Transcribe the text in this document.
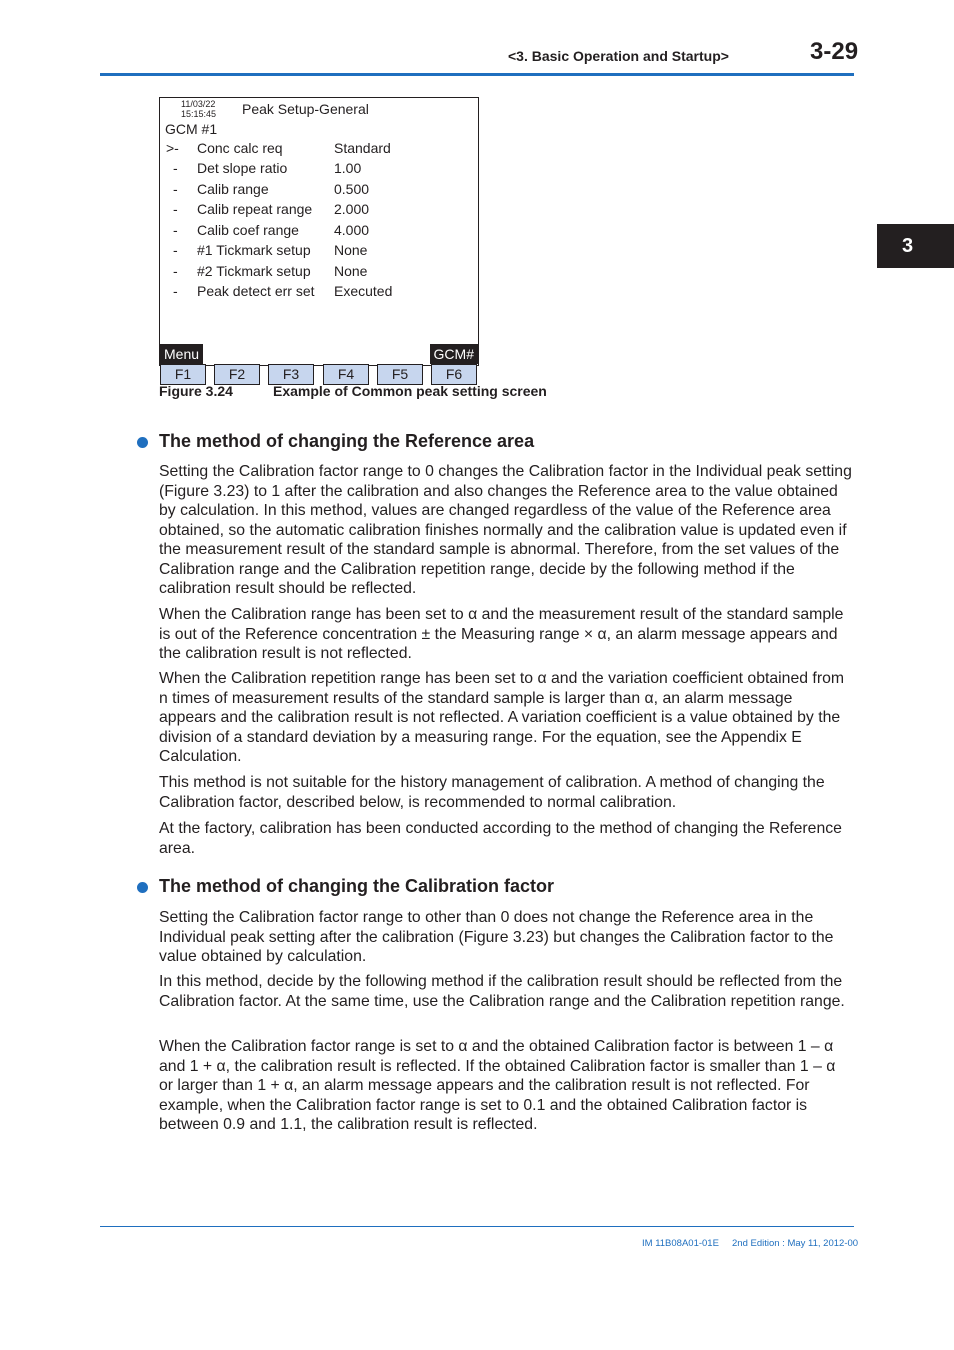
<3. Basic Operation and Startup>	3-29
3
11/03/22
15:15:45 Peak Setup-General
GCM #1
>- Conc calc req	Standard
- Det slope ratio	1.00
- Calib range	0.500
- Calib repeat range 2.000
- Calib coef range	4.000
- #1 Tickmark setup None
- #2 Tickmark setup None
- Peak detect err set Executed
Menu	GCM#
F1	F2	F3	F4	F5	F6
Figure 3.24	Example of Common peak setting screen
The method of changing the Reference area
Setting the Calibration factor range to 0 changes the Calibration factor in the Individual peak setting (Figure 3.23) to 1 after the calibration and also changes the Reference area to the value obtained by calculation. In this method, values are changed regardless of the value of the Reference area obtained, so the automatic calibration finishes normally and the calibration value is updated even if the measurement result of the standard sample is abnormal. Therefore, from the set values of the Calibration range and the Calibration repetition range, decide by the following method if the calibration result should be reflected.
When the Calibration range has been set to α and the measurement result of the standard sample is out of the Reference concentration ± the Measuring range × α, an alarm message appears and the calibration result is not reflected.
When the Calibration repetition range has been set to α and the variation coefficient obtained from n times of measurement results of the standard sample is larger than α, an alarm message appears and the calibration result is not reflected. A variation coefficient is a value obtained by the division of a standard deviation by a measuring range. For the equation, see the Appendix E Calculation.
This method is not suitable for the history management of calibration. A method of changing the Calibration factor, described below, is recommended to normal calibration.
At the factory, calibration has been conducted according to the method of changing the Reference area.
The method of changing the Calibration factor
Setting the Calibration factor range to other than 0 does not change the Reference area in the Individual peak setting after the calibration (Figure 3.23) but changes the Calibration factor to the value obtained by calculation.
In this method, decide by the following method if the calibration result should be reflected from the Calibration factor. At the same time, use the Calibration range and the Calibration repetition range.
When the Calibration factor range is set to α and the obtained Calibration factor is between 1 – α and 1 + α, the calibration result is reflected. If the obtained Calibration factor is smaller than 1 – α or larger than 1 + α, an alarm message appears and the calibration result is not reflected. For example, when the Calibration factor range is set to 0.1 and the obtained Calibration factor is between 0.9 and 1.1, the calibration result is reflected.
IM 11B08A01-01E 2nd Edition : May 11, 2012-00
